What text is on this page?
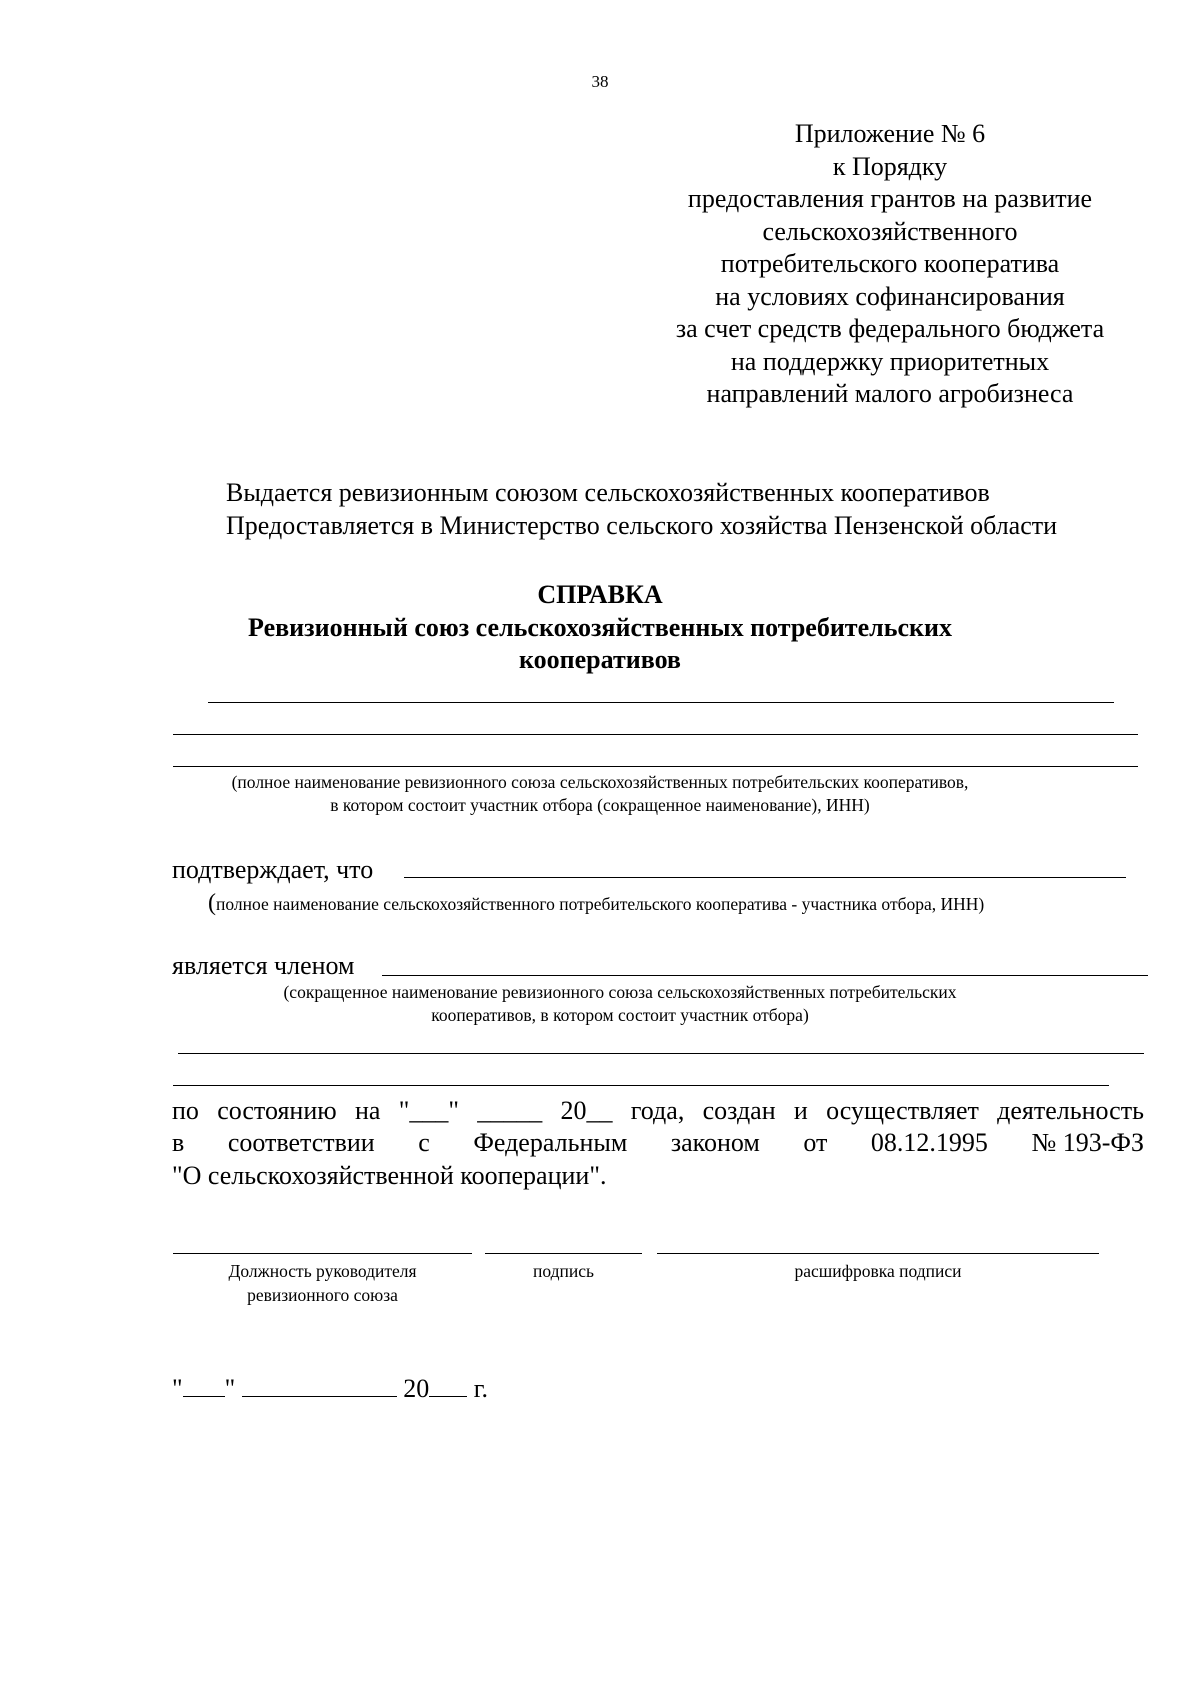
38
Приложение № 6
к Порядку
предоставления грантов на развитие
сельскохозяйственного
потребительского кооператива
на условиях софинансирования
за счет средств федерального бюджета
на поддержку приоритетных
направлений малого агробизнеса
Выдается ревизионным союзом сельскохозяйственных кооперативов
Предоставляется в Министерство сельского хозяйства Пензенской области
СПРАВКА
Ревизионный союз сельскохозяйственных потребительских
кооперативов
(полное наименование ревизионного союза сельскохозяйственных потребительских кооперативов,
в котором состоит участник отбора (сокращенное наименование), ИНН)
подтверждает, что
(полное наименование сельскохозяйственного потребительского кооператива - участника отбора, ИНН)
является членом
(сокращенное наименование ревизионного союза сельскохозяйственных потребительских
кооперативов, в котором состоит участник отбора)
по состоянию на "___" _____ 20__ года, создан и осуществляет деятельность
в соответствии с Федеральным законом от 08.12.1995 № 193-ФЗ
"О сельскохозяйственной кооперации".
Должность руководителя
ревизионного союза
подпись	расшифровка подписи
" "	20 г.
